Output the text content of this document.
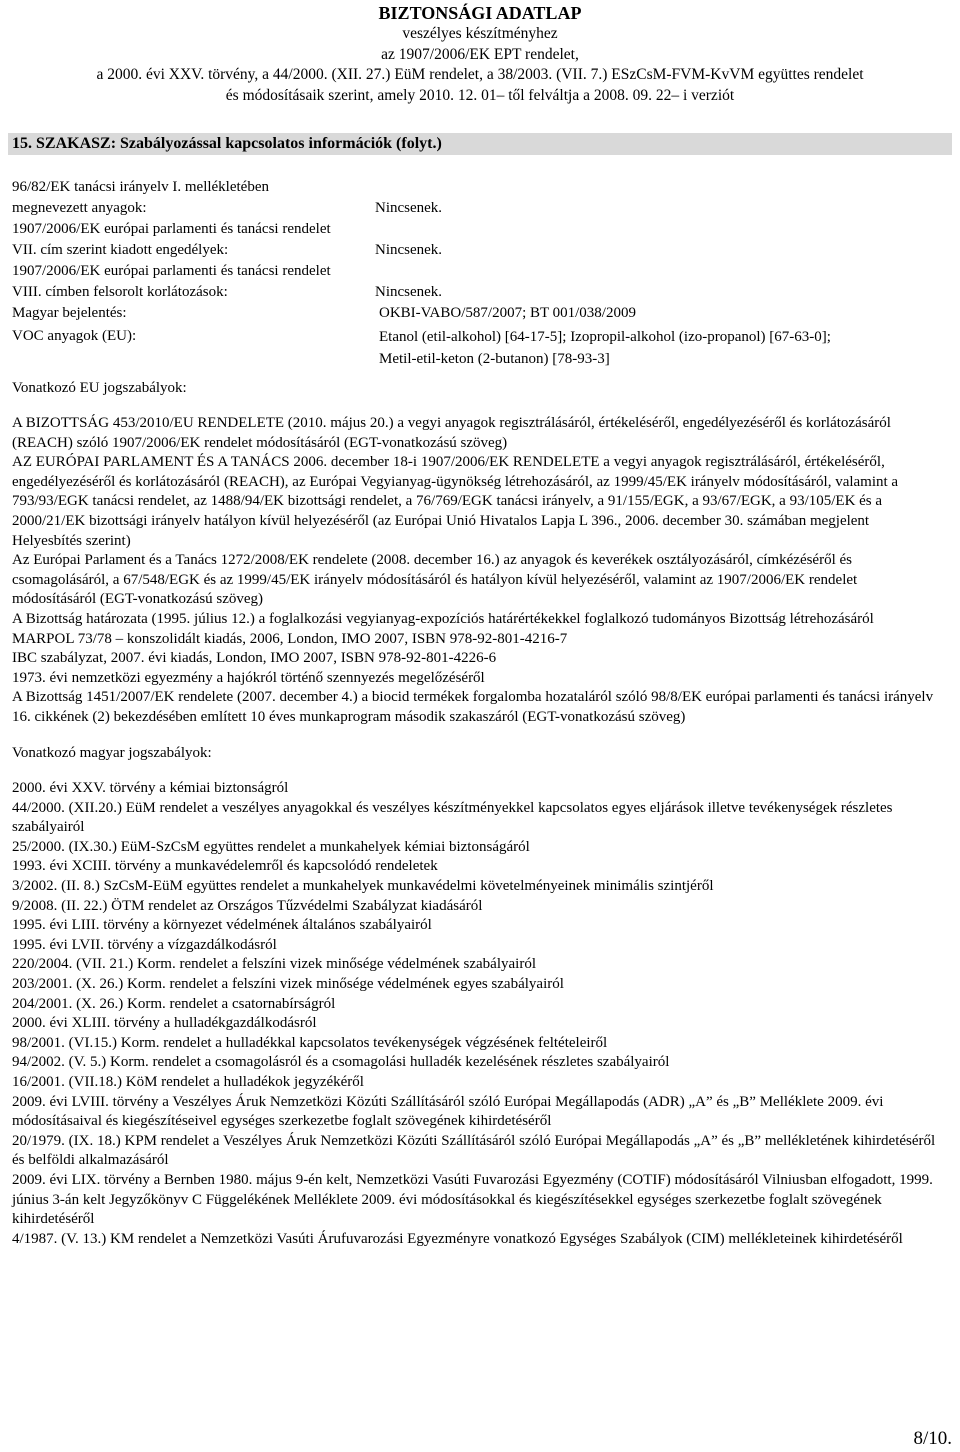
BIZTONSÁGI ADATLAP
veszélyes készítményhez
az 1907/2006/EK EPT rendelet,
a 2000. évi XXV. törvény, a 44/2000. (XII. 27.) EüM rendelet, a 38/2003. (VII. 7.) ESzCsM-FVM-KvVM együttes rendelet
és módosításaik szerint, amely 2010. 12. 01– től felváltja a 2008. 09. 22– i verziót
15. SZAKASZ: Szabályozással kapcsolatos információk (folyt.)
96/82/EK tanácsi irányelv I. mellékletében
megnevezett anyagok:	Nincsenek.
1907/2006/EK európai parlamenti és tanácsi rendelet
VII. cím szerint kiadott engedélyek:	Nincsenek.
1907/2006/EK európai parlamenti és tanácsi rendelet
VIII. címben felsorolt korlátozások:	Nincsenek.
Magyar bejelentés:	OKBI-VABO/587/2007; BT 001/038/2009
VOC anyagok (EU):	Etanol (etil-alkohol) [64-17-5]; Izopropil-alkohol (izo-propanol) [67-63-0];
Metil-etil-keton (2-butanon) [78-93-3]
Vonatkozó EU jogszabályok:

A BIZOTTSÁG 453/2010/EU RENDELETE (2010. május 20.) a vegyi anyagok regisztrálásáról, értékeléséről, engedélyezéséről és korlátozásáról (REACH) szóló 1907/2006/EK rendelet módosításáról (EGT-vonatkozású szöveg)

AZ EURÓPAI PARLAMENT ÉS A TANÁCS 2006. december 18-i 1907/2006/EK RENDELETE a vegyi anyagok regisztrálásáról, értékeléséről, engedélyezéséről és korlátozásáról (REACH), az Európai Vegyianyag-ügynökség létrehozásáról, az 1999/45/EK irányelv módosításáról, valamint a 793/93/EGK tanácsi rendelet, az 1488/94/EK bizottsági rendelet, a 76/769/EGK tanácsi irányelv, a 91/155/EGK, a 93/67/EGK, a 93/105/EK és a 2000/21/EK bizottsági irányelv hatályon kívül helyezéséről (az Európai Unió Hivatalos Lapja L 396., 2006. december 30. számában megjelent Helyesbítés szerint)

Az Európai Parlament és a Tanács 1272/2008/EK rendelete (2008. december 16.) az anyagok és keverékek osztályozásáról, címkézéséről és csomagolásáról, a 67/548/EGK és az 1999/45/EK irányelv módosításáról és hatályon kívül helyezéséről, valamint az 1907/2006/EK rendelet módosításáról (EGT-vonatkozású szöveg)

A Bizottság határozata (1995. július 12.) a foglalkozási vegyianyag-expozíciós határértékekkel foglalkozó tudományos Bizottság létrehozásáról

MARPOL 73/78 – konszolidált kiadás, 2006, London, IMO 2007, ISBN 978-92-801-4216-7

IBC szabályzat, 2007. évi kiadás, London, IMO 2007, ISBN 978-92-801-4226-6

1973. évi nemzetközi egyezmény a hajókról történő szennyezés megelőzéséről

A Bizottság 1451/2007/EK rendelete (2007. december 4.) a biocid termékek forgalomba hozataláról szóló 98/8/EK európai parlamenti és tanácsi irányelv 16. cikkének (2) bekezdésében említett 10 éves munkaprogram második szakaszáról (EGT-vonatkozású szöveg)

Vonatkozó magyar jogszabályok:

2000. évi XXV. törvény a kémiai biztonságról

44/2000. (XII.20.) EüM rendelet a veszélyes anyagokkal és veszélyes készítményekkel kapcsolatos egyes eljárások illetve tevékenységek részletes szabályairól

25/2000. (IX.30.) EüM-SzCsM együttes rendelet a munkahelyek kémiai biztonságáról

1993. évi XCIII. törvény a munkavédelemről és kapcsolódó rendeletek

3/2002. (II. 8.) SzCsM-EüM együttes rendelet a munkahelyek munkavédelmi követelményeinek minimális szintjéről

9/2008. (II. 22.) ÖTM rendelet az Országos Tűzvédelmi Szabályzat kiadásáról

1995. évi LIII. törvény a környezet védelmének általános szabályairól

1995. évi LVII. törvény a vízgazdálkodásról

220/2004. (VII. 21.) Korm. rendelet a felszíni vizek minősége védelmének szabályairól

203/2001. (X. 26.) Korm. rendelet a felszíni vizek minősége védelmének egyes szabályairól

204/2001. (X. 26.) Korm. rendelet a csatornabírságról

2000. évi XLIII. törvény a hulladékgazdálkodásról

98/2001. (VI.15.) Korm. rendelet a hulladékkal kapcsolatos tevékenységek végzésének feltételeiről

94/2002. (V. 5.) Korm. rendelet a csomagolásról és a csomagolási hulladék kezelésének részletes szabályairól

16/2001. (VII.18.) KöM rendelet a hulladékok jegyzékéről

2009. évi LVIII. törvény a Veszélyes Áruk Nemzetközi Közúti Szállításáról szóló Európai Megállapodás (ADR) „A” és „B” Melléklete 2009. évi módosításaival és kiegészítéseivel egységes szerkezetbe foglalt szövegének kihirdetéséről

20/1979. (IX. 18.) KPM rendelet a Veszélyes Áruk Nemzetközi Közúti Szállításáról szóló Európai Megállapodás „A” és „B” mellékletének kihirdetéséről és belföldi alkalmazásáról

2009. évi LIX. törvény a Bernben 1980. május 9-én kelt, Nemzetközi Vasúti Fuvarozási Egyezmény (COTIF) módosításáról Vilniusban elfogadott, 1999. június 3-án kelt Jegyzőkönyv C Függelékének Melléklete 2009. évi módosításokkal és kiegészítésekkel egységes szerkezetbe foglalt szövegének kihirdetéséről

4/1987. (V. 13.) KM rendelet a Nemzetközi Vasúti Árufuvarozási Egyezményre vonatkozó Egységes Szabályok (CIM) mellékleteinek kihirdetéséről

8/10.
